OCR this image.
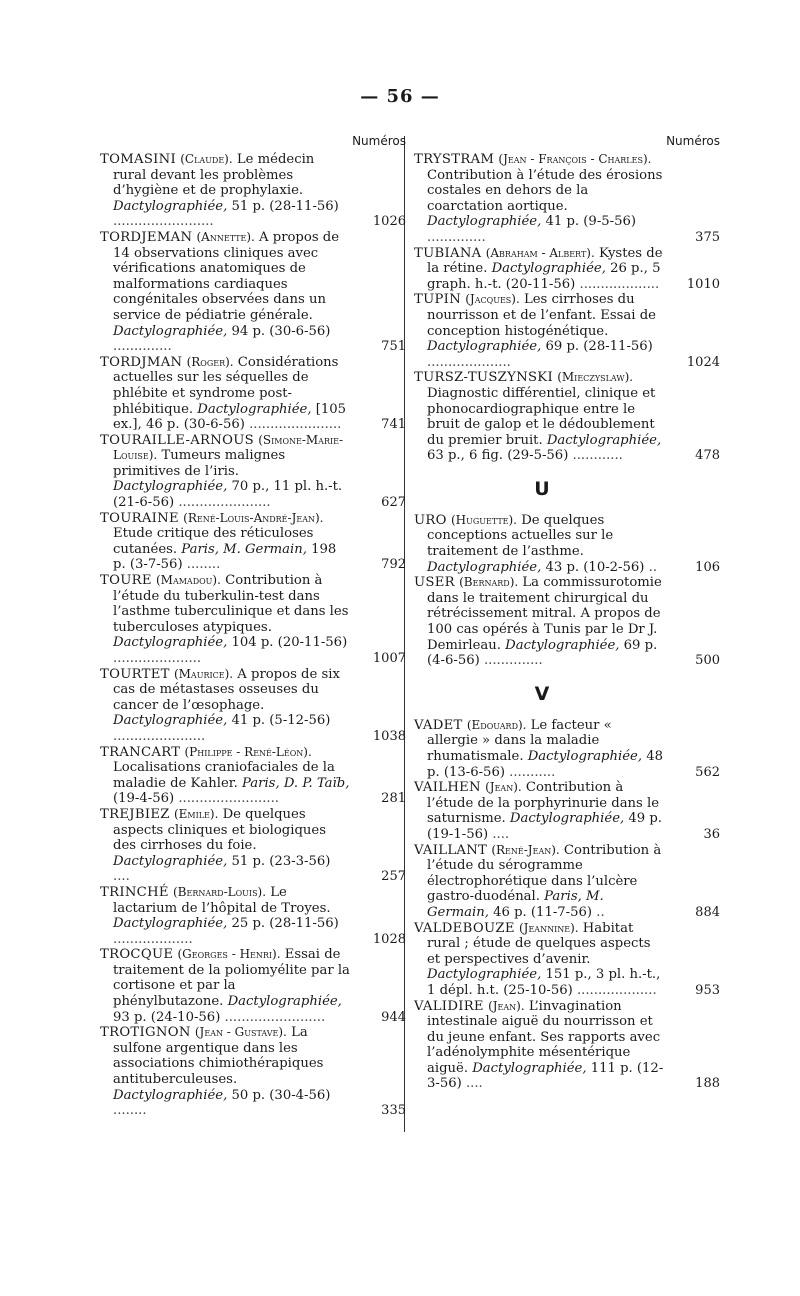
— 56 —
Numéros
TOMASINI (Claude). Le médecin rural devant les problèmes d’hygiène et de prophylaxie. Dactylographiée, 51 p. (28-11-56) ........................	1026
TORDJEMAN (Annette). A propos de 14 observations cliniques avec vérifications anatomiques de malformations cardiaques congénitales observées dans un service de pédiatrie générale. Dactylographiée, 94 p. (30-6-56) ..............	751
TORDJMAN (Roger). Considérations actuelles sur les séquelles de phlébite et syndrome post-phlébitique. Dactylographiée, [105 ex.], 46 p. (30-6-56) ......................	741
TOURAILLE-ARNOUS (Simone-Marie-Louise). Tumeurs malignes primitives de l’iris. Dactylographiée, 70 p., 11 pl. h.-t. (21-6-56) ......................	627
TOURAINE (René-Louis-André-Jean). Etude critique des réticuloses cutanées. Paris, M. Germain, 198 p. (3-7-56) ........	792
TOURE (Mamadou). Contribution à l’étude du tuberkulin-test dans l’asthme tuberculinique et dans les tuberculoses atypiques. Dactylographiée, 104 p. (20-11-56) .....................	1007
TOURTET (Maurice). A propos de six cas de métastases osseuses du cancer de l’œsophage. Dactylographiée, 41 p. (5-12-56) ......................	1038
TRANCART (Philippe - René-Léon). Localisations craniofaciales de la maladie de Kahler. Paris, D. P. Taïb, (19-4-56) ........................	281
TREJBIEZ (Emile). De quelques aspects cliniques et biologiques des cirrhoses du foie. Dactylographiée, 51 p. (23-3-56) ....	257
TRINCHÉ (Bernard-Louis). Le lactarium de l’hôpital de Troyes. Dactylographiée, 25 p. (28-11-56) ...................	1028
TROCQUE (Georges - Henri). Essai de traitement de la poliomyélite par la cortisone et par la phénylbutazone. Dactylographiée, 93 p. (24-10-56) ........................	944
TROTIGNON (Jean - Gustave). La sulfone argentique dans les associations chimiothérapiques antituberculeuses. Dactylographiée, 50 p. (30-4-56) ........	335
Numéros
TRYSTRAM (Jean - François - Charles). Contribution à l’étude des érosions costales en dehors de la coarctation aortique. Dactylographiée, 41 p. (9-5-56) ..............	375
TUBIANA (Abraham - Albert). Kystes de la rétine. Dactylographiée, 26 p., 5 graph. h.-t. (20-11-56) ...................	1010
TUPIN (Jacques). Les cirrhoses du nourrisson et de l’enfant. Essai de conception histogénétique. Dactylographiée, 69 p. (28-11-56) ....................	1024
TURSZ-TUSZYNSKI (Mieczyslaw). Diagnostic différentiel, clinique et phonocardiographique entre le bruit de galop et le dédoublement du premier bruit. Dactylographiée, 63 p., 6 fig. (29-5-56) ............	478
U
URO (Huguette). De quelques conceptions actuelles sur le traitement de l’asthme. Dactylographiée, 43 p. (10-2-56) ..	106
USER (Bernard). La commissurotomie dans le traitement chirurgical du rétrécissement mitral. A propos de 100 cas opérés à Tunis par le Dr J. Demirleau. Dactylographiée, 69 p. (4-6-56) ..............	500
V
VADET (Edouard). Le facteur « allergie » dans la maladie rhumatismale. Dactylographiée, 48 p. (13-6-56) ...........	562
VAILHEN (Jean). Contribution à l’étude de la porphyrinurie dans le saturnisme. Dactylographiée, 49 p. (19-1-56) ....	36
VAILLANT (René-Jean). Contribution à l’étude du sérogramme électrophorétique dans l’ulcère gastro-duodénal. Paris, M. Germain, 46 p. (11-7-56) ..	884
VALDEBOUZE (Jeannine). Habitat rural ; étude de quelques aspects et perspectives d’avenir. Dactylographiée, 151 p., 3 pl. h.-t., 1 dépl. h.t. (25-10-56) ...................	953
VALIDIRE (Jean). L’invagination intestinale aiguë du nourrisson et du jeune enfant. Ses rapports avec l’adénolymphite mésentérique aiguë. Dactylographiée, 111 p. (12-3-56) ....	188
